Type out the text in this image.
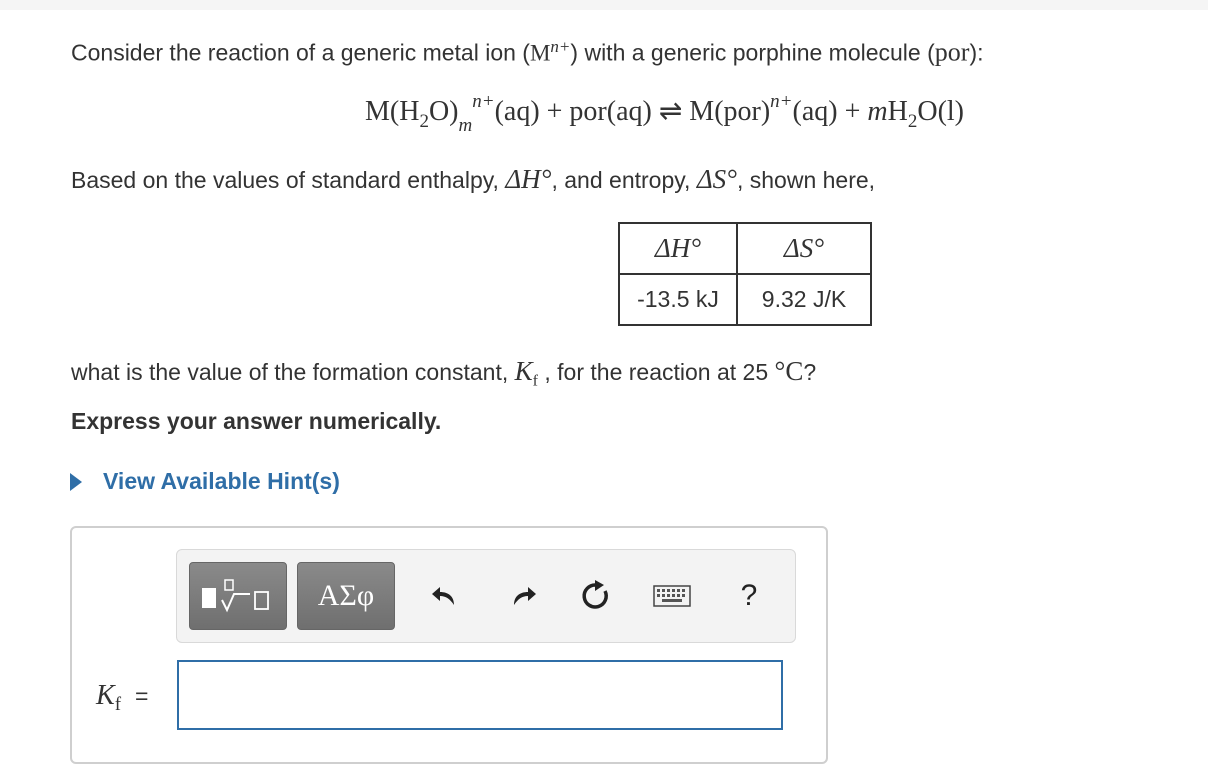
Consider the reaction of a generic metal ion $(M^{n+})$ with a generic porphine molecule (por):
$M(H_2O)_m^{n+}(aq) + por(aq)$ ⇌ $M(por)^{n+}(aq) + mH_2O(l)$
Based on the values of standard enthalpy, ΔH°, and entropy, ΔS°, shown here,
ΔH°	ΔS°
-13.5 kJ	9.32 J/K
what is the value of the formation constant, $K_f$ , for the reaction at 25 °C?
Express your answer numerically.
View Available Hint(s)
ΑΣφ	?
$K_f$ =
